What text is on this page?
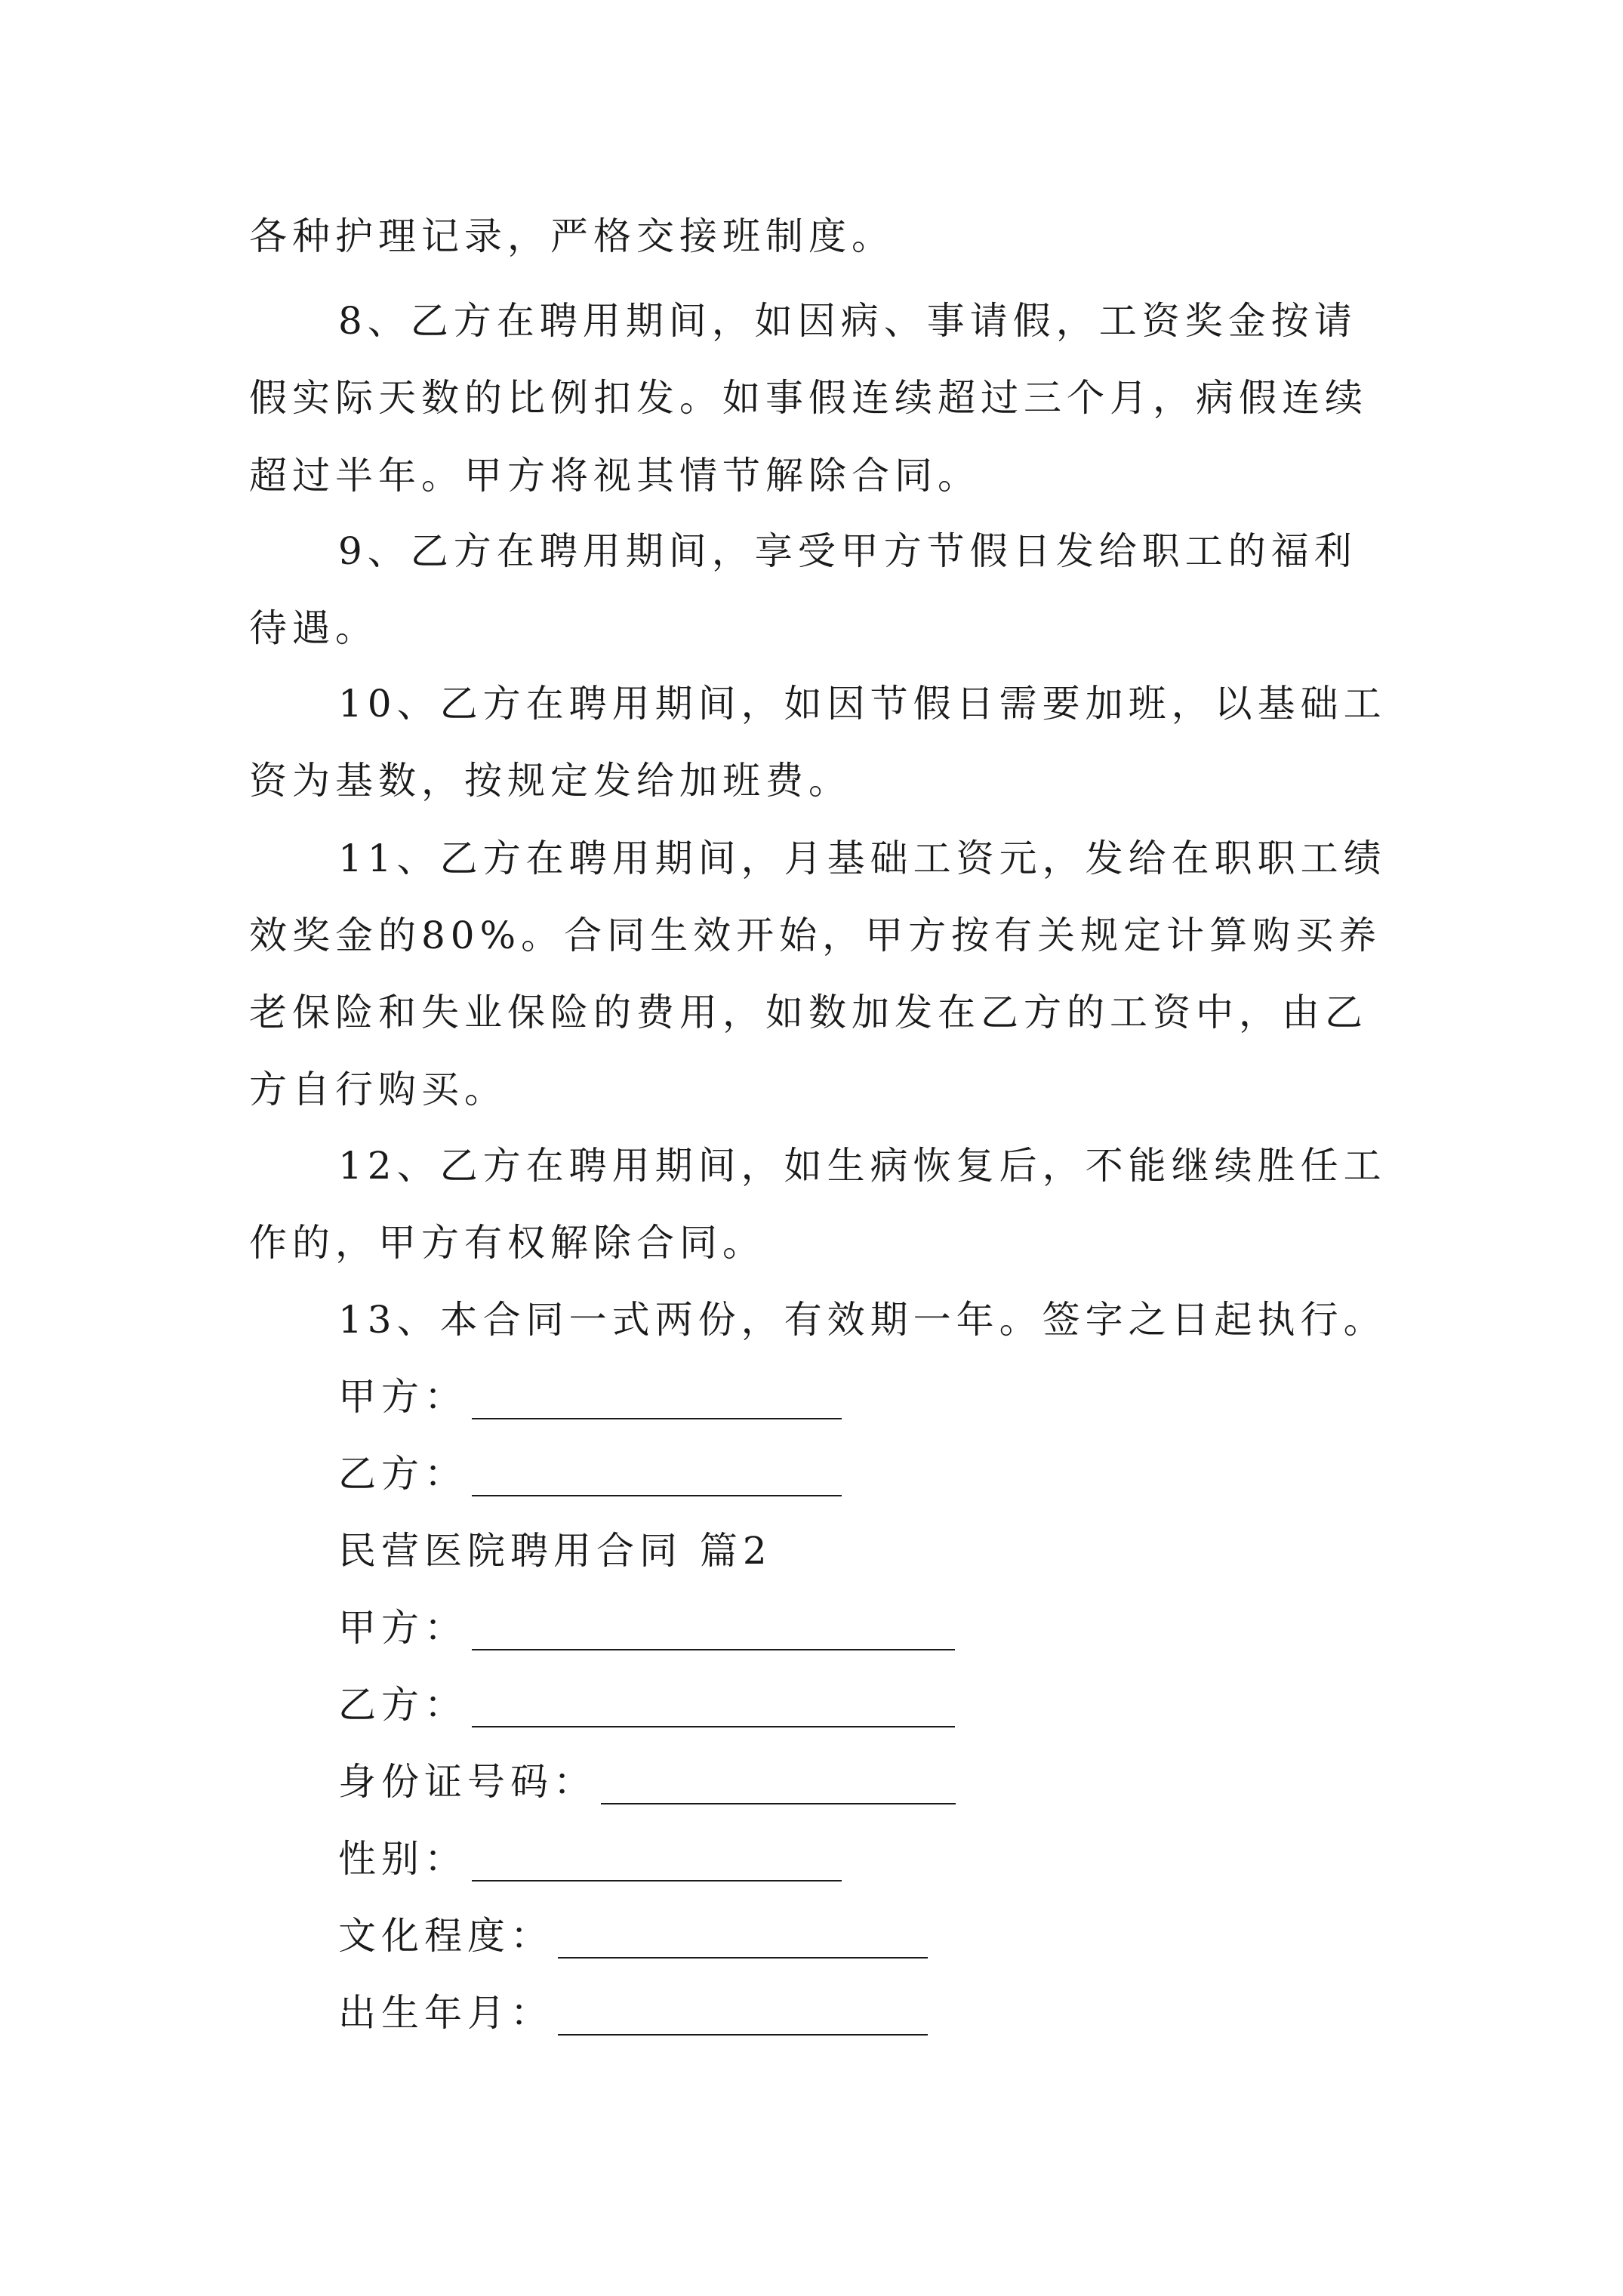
各种护理记录，严格交接班制度。
8、乙方在聘用期间，如因病、事请假，工资奖金按请
假实际天数的比例扣发。如事假连续超过三个月，病假连续
超过半年。甲方将视其情节解除合同。
9、乙方在聘用期间，享受甲方节假日发给职工的福利
待遇。
10、乙方在聘用期间，如因节假日需要加班，以基础工
资为基数，按规定发给加班费。
11、乙方在聘用期间，月基础工资元，发给在职职工绩
效奖金的80%。合同生效开始，甲方按有关规定计算购买养
老保险和失业保险的费用，如数加发在乙方的工资中，由乙
方自行购买。
12、乙方在聘用期间，如生病恢复后，不能继续胜任工
作的，甲方有权解除合同。
13、本合同一式两份，有效期一年。签字之日起执行。
甲方：
乙方：
民营医院聘用合同 篇2
甲方：
乙方：
身份证号码：
性别：
文化程度：
出生年月：
